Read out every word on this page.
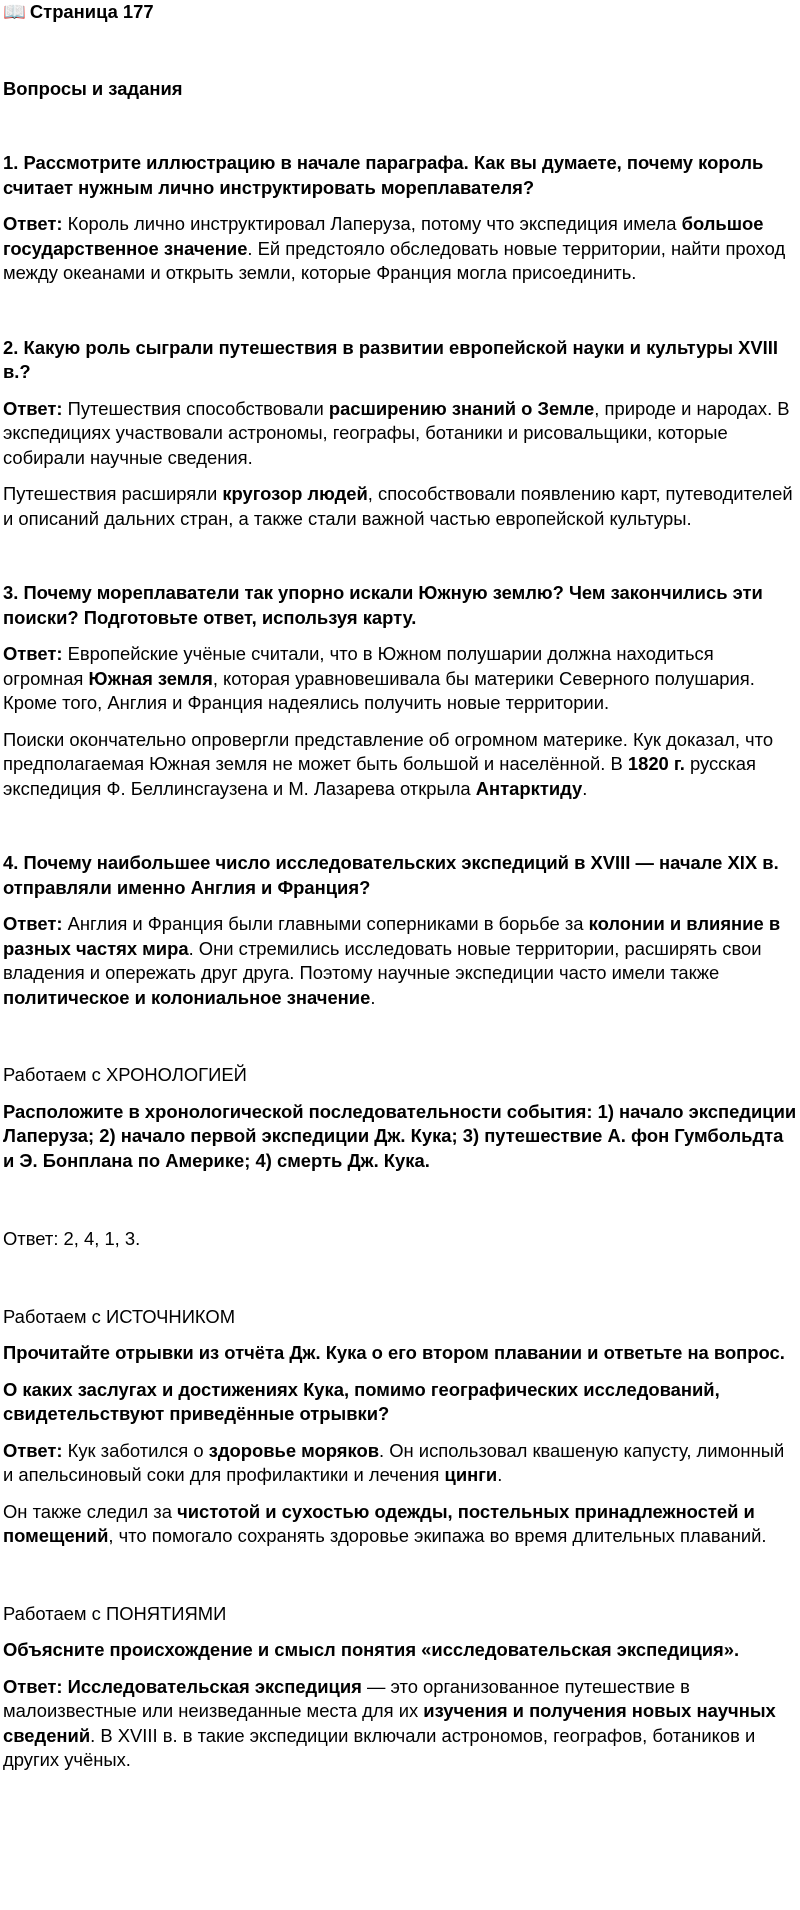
📖 Страница 177
Вопросы и задания
1. Рассмотрите иллюстрацию в начале параграфа. Как вы думаете, почему король считает нужным лично инструктировать мореплавателя?
Ответ: Король лично инструктировал Лаперуза, потому что экспедиция имела большое государственное значение. Ей предстояло обследовать новые территории, найти проход между океанами и открыть земли, которые Франция могла присоединить.
2. Какую роль сыграли путешествия в развитии европейской науки и культуры XVIII в.?
Ответ: Путешествия способствовали расширению знаний о Земле, природе и народах. В экспедициях участвовали астрономы, географы, ботаники и рисовальщики, которые собирали научные сведения.
Путешествия расширяли кругозор людей, способствовали появлению карт, путеводителей и описаний дальних стран, а также стали важной частью европейской культуры.
3. Почему мореплаватели так упорно искали Южную землю? Чем закончились эти поиски? Подготовьте ответ, используя карту.
Ответ: Европейские учёные считали, что в Южном полушарии должна находиться огромная Южная земля, которая уравновешивала бы материки Северного полушария. Кроме того, Англия и Франция надеялись получить новые территории.
Поиски окончательно опровергли представление об огромном материке. Кук доказал, что предполагаемая Южная земля не может быть большой и населённой. В 1820 г. русская экспедиция Ф. Беллинсгаузена и М. Лазарева открыла Антарктиду.
4. Почему наибольшее число исследовательских экспедиций в XVIII — начале XIX в. отправляли именно Англия и Франция?
Ответ: Англия и Франция были главными соперниками в борьбе за колонии и влияние в разных частях мира. Они стремились исследовать новые территории, расширять свои владения и опережать друг друга. Поэтому научные экспедиции часто имели также политическое и колониальное значение.
Работаем с ХРОНОЛОГИЕЙ
Расположите в хронологической последовательности события: 1) начало экспедиции Лаперуза; 2) начало первой экспедиции Дж. Кука; 3) путешествие А. фон Гумбольдта и Э. Бонплана по Америке; 4) смерть Дж. Кука.
Ответ: 2, 4, 1, 3.
Работаем с ИСТОЧНИКОМ
Прочитайте отрывки из отчёта Дж. Кука о его втором плавании и ответьте на вопрос.
О каких заслугах и достижениях Кука, помимо географических исследований, свидетельствуют приведённые отрывки?
Ответ: Кук заботился о здоровье моряков. Он использовал квашеную капусту, лимонный и апельсиновый соки для профилактики и лечения цинги.
Он также следил за чистотой и сухостью одежды, постельных принадлежностей и помещений, что помогало сохранять здоровье экипажа во время длительных плаваний.
Работаем с ПОНЯТИЯМИ
Объясните происхождение и смысл понятия «исследовательская экспедиция».
Ответ: Исследовательская экспедиция — это организованное путешествие в малоизвестные или неизведанные места для их изучения и получения новых научных сведений. В XVIII в. в такие экспедиции включали астрономов, географов, ботаников и других учёных.
